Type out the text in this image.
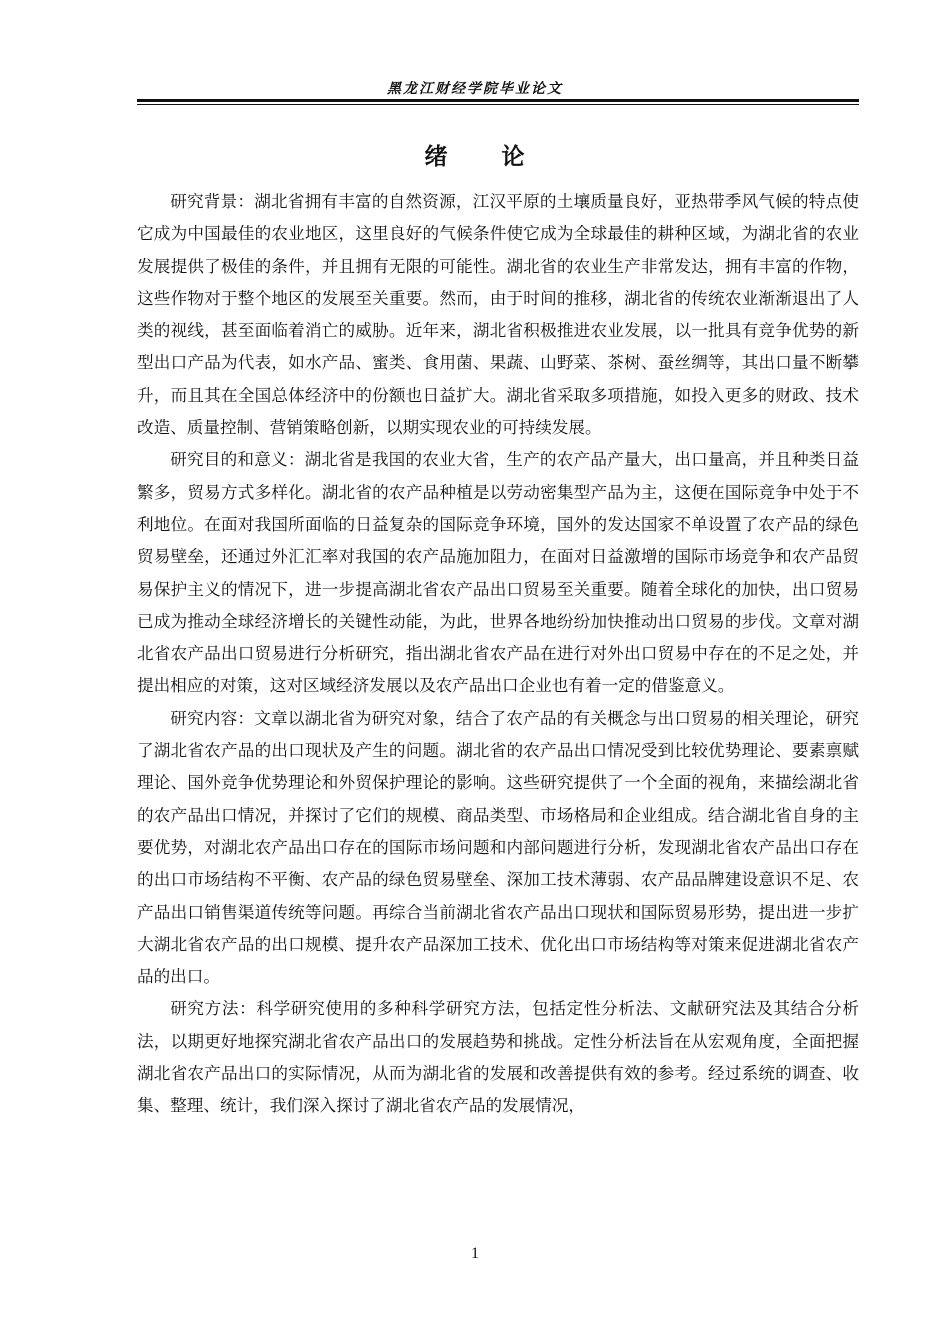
黑龙江财经学院毕业论文
绪 论

研究背景：湖北省拥有丰富的自然资源，江汉平原的土壤质量良好，亚热带季风气候的特点使它成为中国最佳的农业地区，这里良好的气候条件使它成为全球最佳的耕种区域，为湖北省的农业发展提供了极佳的条件，并且拥有无限的可能性。湖北省的农业生产非常发达，拥有丰富的作物，这些作物对于整个地区的发展至关重要。然而，由于时间的推移，湖北省的传统农业渐渐退出了人类的视线，甚至面临着消亡的威胁。近年来，湖北省积极推进农业发展，以一批具有竞争优势的新型出口产品为代表，如水产品、蜜类、食用菌、果蔬、山野菜、茶树、蚕丝绸等，其出口量不断攀升，而且其在全国总体经济中的份额也日益扩大。湖北省采取多项措施，如投入更多的财政、技术改造、质量控制、营销策略创新，以期实现农业的可持续发展。

研究目的和意义：湖北省是我国的农业大省，生产的农产品产量大，出口量高，并且种类日益繁多，贸易方式多样化。湖北省的农产品种植是以劳动密集型产品为主，这便在国际竞争中处于不利地位。在面对我国所面临的日益复杂的国际竞争环境，国外的发达国家不单设置了农产品的绿色贸易壁垒，还通过外汇汇率对我国的农产品施加阻力，在面对日益激增的国际市场竞争和农产品贸易保护主义的情况下，进一步提高湖北省农产品出口贸易至关重要。随着全球化的加快，出口贸易已成为推动全球经济增长的关键性动能，为此，世界各地纷纷加快推动出口贸易的步伐。文章对湖北省农产品出口贸易进行分析研究，指出湖北省农产品在进行对外出口贸易中存在的不足之处，并提出相应的对策，这对区域经济发展以及农产品出口企业也有着一定的借鉴意义。

研究内容：文章以湖北省为研究对象，结合了农产品的有关概念与出口贸易的相关理论，研究了湖北省农产品的出口现状及产生的问题。湖北省的农产品出口情况受到比较优势理论、要素禀赋理论、国外竞争优势理论和外贸保护理论的影响。这些研究提供了一个全面的视角，来描绘湖北省的农产品出口情况，并探讨了它们的规模、商品类型、市场格局和企业组成。结合湖北省自身的主要优势，对湖北农产品出口存在的国际市场问题和内部问题进行分析，发现湖北省农产品出口存在的出口市场结构不平衡、农产品的绿色贸易壁垒、深加工技术薄弱、农产品品牌建设意识不足、农产品出口销售渠道传统等问题。再综合当前湖北省农产品出口现状和国际贸易形势，提出进一步扩大湖北省农产品的出口规模、提升农产品深加工技术、优化出口市场结构等对策来促进湖北省农产品的出口。

研究方法：科学研究使用的多种科学研究方法，包括定性分析法、文献研究法及其结合分析法，以期更好地探究湖北省农产品出口的发展趋势和挑战。定性分析法旨在从宏观角度，全面把握湖北省农产品出口的实际情况，从而为湖北省的发展和改善提供有效的参考。经过系统的调查、收集、整理、统计，我们深入探讨了湖北省农产品的发展情况，

1
